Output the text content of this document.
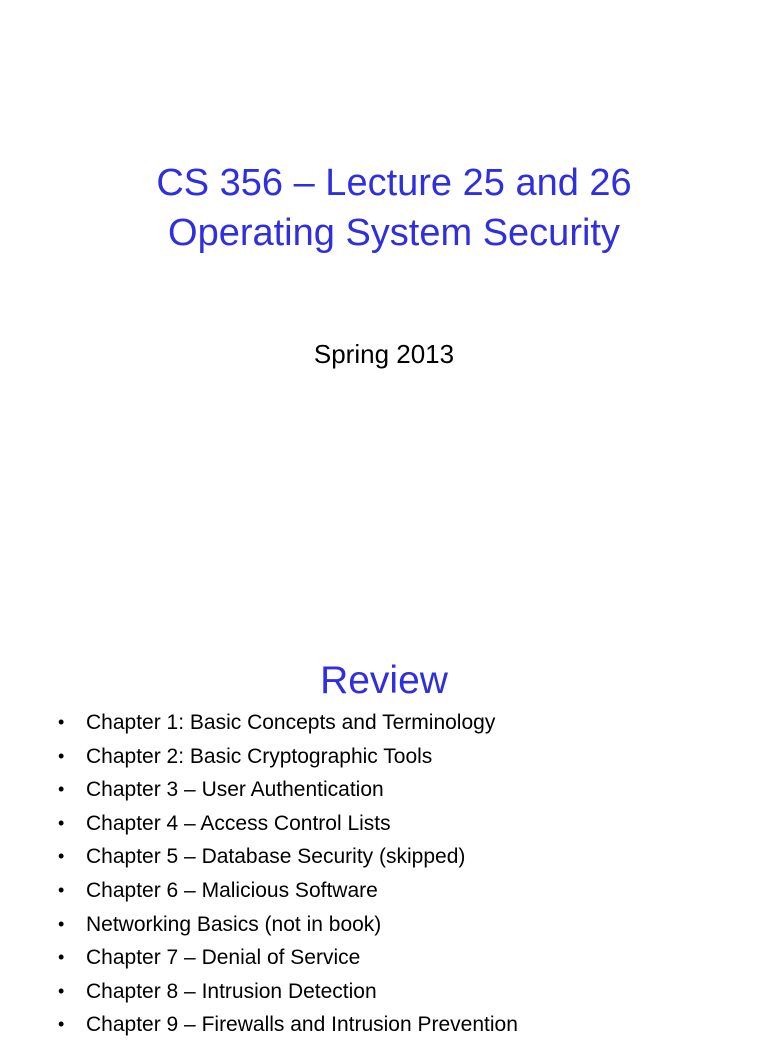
CS 356 – Lecture 25 and 26
Operating System Security
Spring 2013
Review
•	Chapter 1: Basic Concepts and Terminology
•	Chapter 2: Basic Cryptographic Tools
•	Chapter 3 – User Authentication
•	Chapter 4 – Access Control Lists
•	Chapter 5 – Database Security (skipped)
•	Chapter 6 – Malicious Software
•	Networking Basics (not in book)
•	Chapter 7 – Denial of Service
•	Chapter 8 – Intrusion Detection
•	Chapter 9 – Firewalls and Intrusion Prevention
